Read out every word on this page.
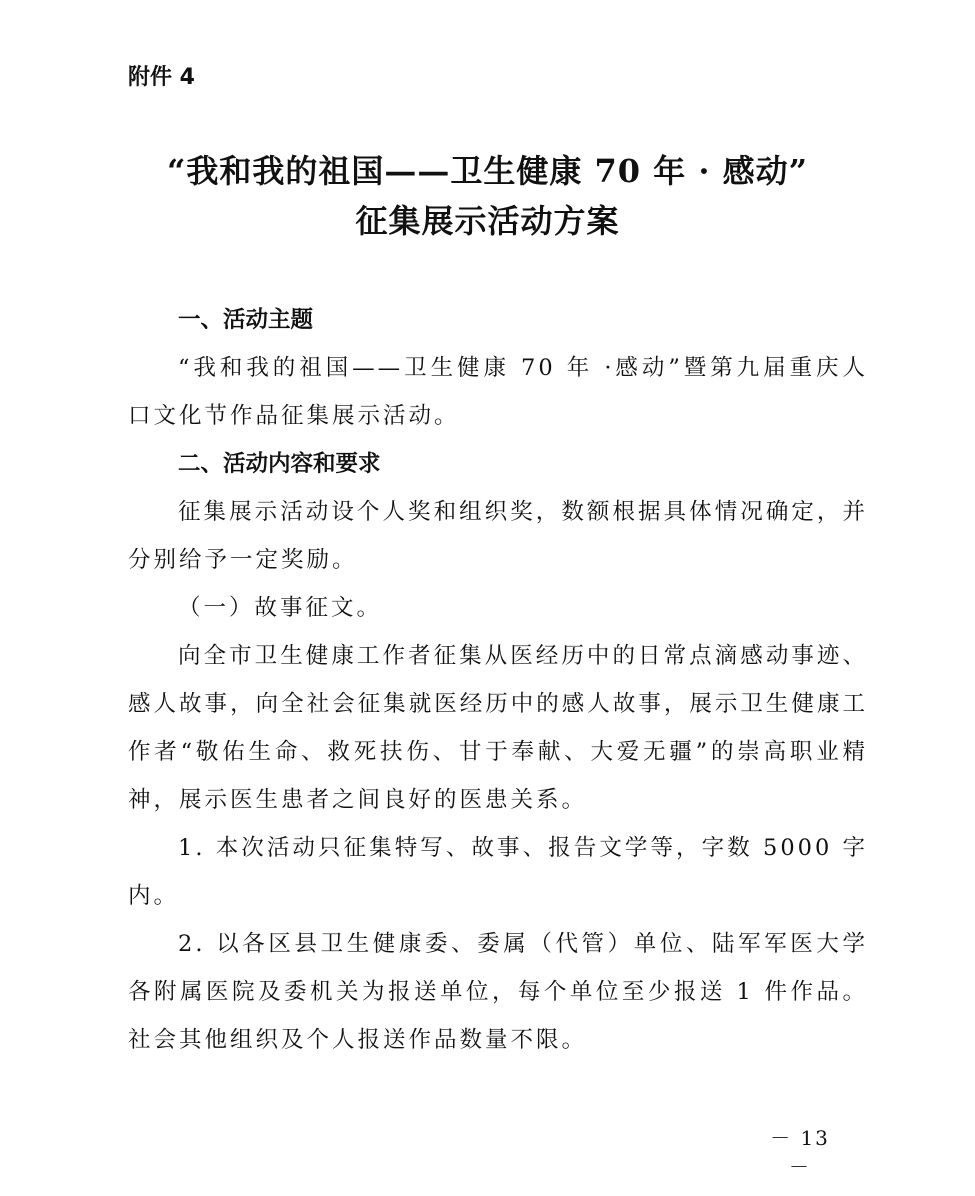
附件 4
“我和我的祖国——卫生健康 70 年 · 感动”
征集展示活动方案

一、活动主题

“我和我的祖国——卫生健康 70 年 ·感动”暨第九届重庆人口文化节作品征集展示活动。

二、活动内容和要求

征集展示活动设个人奖和组织奖，数额根据具体情况确定，并分别给予一定奖励。

（一）故事征文。

向全市卫生健康工作者征集从医经历中的日常点滴感动事迹、感人故事，向全社会征集就医经历中的感人故事，展示卫生健康工作者“敬佑生命、救死扶伤、甘于奉献、大爱无疆”的崇高职业精神，展示医生患者之间良好的医患关系。

1. 本次活动只征集特写、故事、报告文学等，字数 5000 字内。

2. 以各区县卫生健康委、委属（代管）单位、陆军军医大学各附属医院及委机关为报送单位，每个单位至少报送 1 件作品。社会其他组织及个人报送作品数量不限。

－ 13 －
